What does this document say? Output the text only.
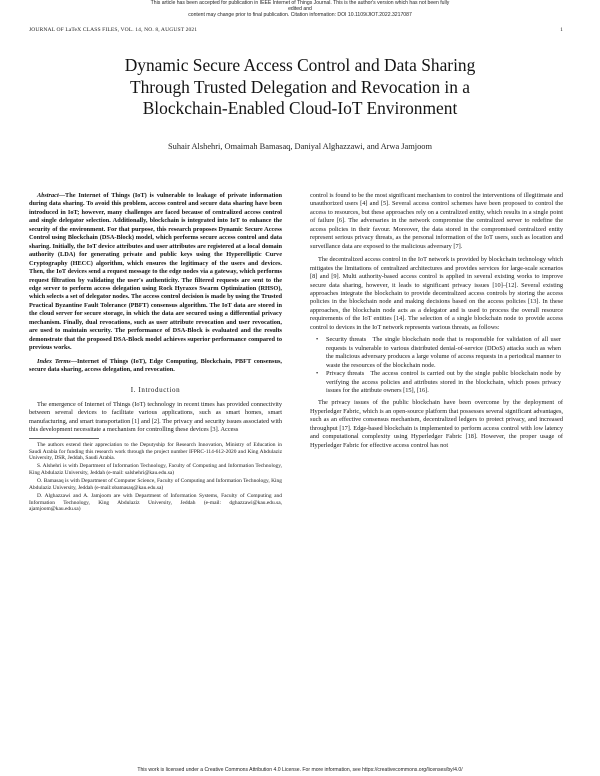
This article has been accepted for publication in IEEE Internet of Things Journal. This is the author's version which has not been fully edited and
content may change prior to final publication. Citation information: DOI 10.1109/JIOT.2022.3217087
JOURNAL OF LaTeX CLASS FILES, VOL. 14, NO. 8, AUGUST 2021	1
Dynamic Secure Access Control and Data Sharing
Through Trusted Delegation and Revocation in a
Blockchain-Enabled Cloud-IoT Environment
Suhair Alshehri, Omaimah Bamasaq, Daniyal Alghazzawi, and Arwa Jamjoom

Abstract—The Internet of Things (IoT) is vulnerable to leakage of private information during data sharing. To avoid this problem, access control and secure data sharing have been introduced in IoT; however, many challenges are faced because of centralized access control and single delegator selection. Additionally, blockchain is integrated into IoT to enhance the security of the environment. For that purpose, this research proposes Dynamic Secure Access Control using Blockchain (DSA-Block) model, which performs secure access control and data sharing. Initially, the IoT device attributes and user attributes are registered at a local domain authority (LDA) for generating private and public keys using the Hyperelliptic Curve Cryptography (HECC) algorithm, which ensures the legitimacy of the users and devices. Then, the IoT devices send a request message to the edge nodes via a gateway, which performs request filtration by validating the user's authenticity. The filtered requests are sent to the edge server to perform access delegation using Rock Hyraxes Swarm Optimization (RHSO), which selects a set of delegator nodes. The access control decision is made by using the Trusted Practical Byzantine Fault Tolerance (PBFT) consensus algorithm. The IoT data are stored in the cloud server for secure storage, in which the data are secured using a differential privacy mechanism. Finally, dual revocations, such as user attribute revocation and user revocation, are used to maintain security. The performance of DSA-Block is evaluated and the results demonstrate that the proposed DSA-Block model achieves superior performance compared to previous works.

Index Terms—Internet of Things (IoT), Edge Computing, Blockchain, PBFT consensus, secure data sharing, access delegation, and revocation.

I. Introduction

The emergence of Internet of Things (IoT) technology in recent times has provided connectivity between several devices to facilitate various applications, such as smart homes, smart manufacturing, and smart transportation [1] and [2]. The privacy and security issues associated with this development necessitate a mechanism for controlling these devices [3]. Access

The authors extend their appreciation to the Deputyship for Research Innovation, Ministry of Education in Saudi Arabia for funding this research work through the project number IFPRC-114-612-2020 and King Abdulaziz University, DSR, Jeddah, Saudi Arabia.

S. Alshehri is with Department of Information Technology, Faculty of Computing and Information Technology, King Abdulaziz University, Jeddah (e-mail: salshehri@kau.edu.sa)

O. Bamasaq is with Department of Computer Science, Faculty of Computing and Information Technology, King Abdulaziz University, Jeddah (e-mail:obamasaq@kau.edu.sa)

D. Alghazzawi and A. Jamjoom are with Department of Information Systems, Faculty of Computing and Information Technology, King Abdulaziz University, Jeddah (e-mail: dghazzawi@kau.edu.sa, ajamjoom@kau.edu.sa)

control is found to be the most significant mechanism to control the interventions of illegitimate and unauthorized users [4] and [5]. Several access control schemes have been proposed to control the access to resources, but these approaches rely on a centralized entity, which results in a single point of failure [6]. The adversaries in the network compromise the centralized server to redefine the access policies in their favour. Moreover, the data stored in the compromised centralized entity represent serious privacy threats, as the personal information of the IoT users, such as location and surveillance data are exposed to the malicious adversary [7].

The decentralized access control in the IoT network is provided by blockchain technology which mitigates the limitations of centralized architectures and provides services for large-scale scenarios [8] and [9]. Multi authority-based access control is applied in several existing works to improve secure data sharing, however, it leads to significant privacy issues [10]–[12]. Several existing approaches integrate the blockchain to provide decentralized access controls by storing the access policies in the blockchain node and making decisions based on the access policies [13]. In these approaches, the blockchain node acts as a delegator and is used to process the overall resource requirements of the IoT entities [14]. The selection of a single blockchain node to provide access control to devices in the IoT network represents various threats, as follows:

• Security threats The single blockchain node that is responsible for validation of all user requests is vulnerable to various distributed denial-of-service (DDoS) attacks such as when the malicious adversary produces a large volume of access requests in a periodical manner to waste the resources of the blockchain node.
• Privacy threats The access control is carried out by the single public blockchain node by verifying the access policies and attributes stored in the blockchain, which poses privacy issues for the attribute owners [15], [16].

The privacy issues of the public blockchain have been overcome by the deployment of Hyperledger Fabric, which is an open-source platform that possesses several significant advantages, such as an effective consensus mechanism, decentralized ledgers to protect privacy, and increased throughput [17]. Edge-based blockchain is implemented to perform access control with low latency and computational complexity using Hyperledger Fabric [18]. However, the proper usage of Hyperledger Fabric for effective access control has not

This work is licensed under a Creative Commons Attribution 4.0 License. For more information, see https://creativecommons.org/licenses/by/4.0/
